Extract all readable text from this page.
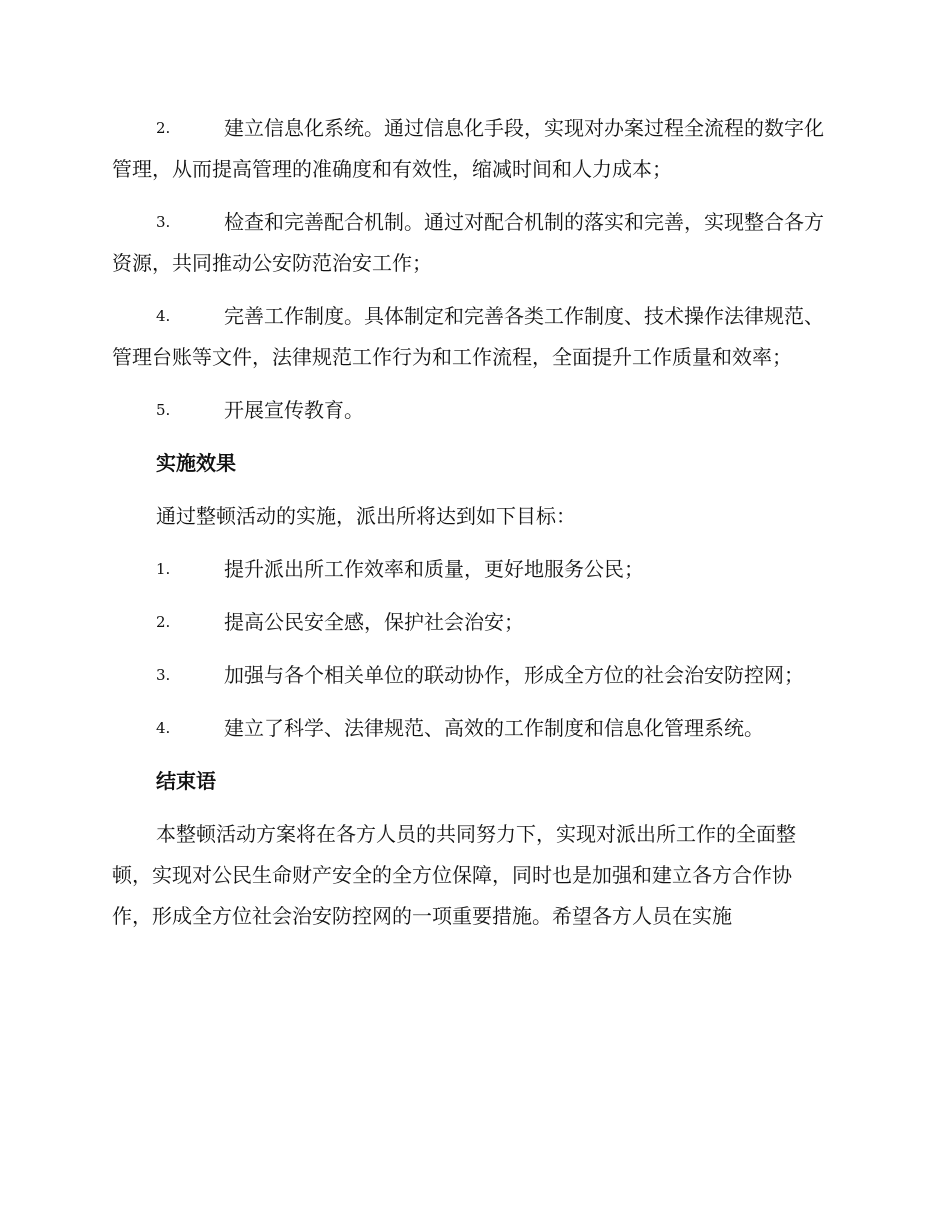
2.	建立信息化系统。通过信息化手段，实现对办案过程全流程的数字化管理，从而提高管理的准确度和有效性，缩减时间和人力成本；

3.	检查和完善配合机制。通过对配合机制的落实和完善，实现整合各方资源，共同推动公安防范治安工作；

4.	完善工作制度。具体制定和完善各类工作制度、技术操作法律规范、管理台账等文件，法律规范工作行为和工作流程，全面提升工作质量和效率；

5.	开展宣传教育。

实施效果

通过整顿活动的实施，派出所将达到如下目标：

1.	提升派出所工作效率和质量，更好地服务公民；

2.	提高公民安全感，保护社会治安；

3.	加强与各个相关单位的联动协作，形成全方位的社会治安防控网；

4.	建立了科学、法律规范、高效的工作制度和信息化管理系统。

结束语

本整顿活动方案将在各方人员的共同努力下，实现对派出所工作的全面整顿，实现对公民生命财产安全的全方位保障，同时也是加强和建立各方合作协作，形成全方位社会治安防控网的一项重要措施。希望各方人员在实施
